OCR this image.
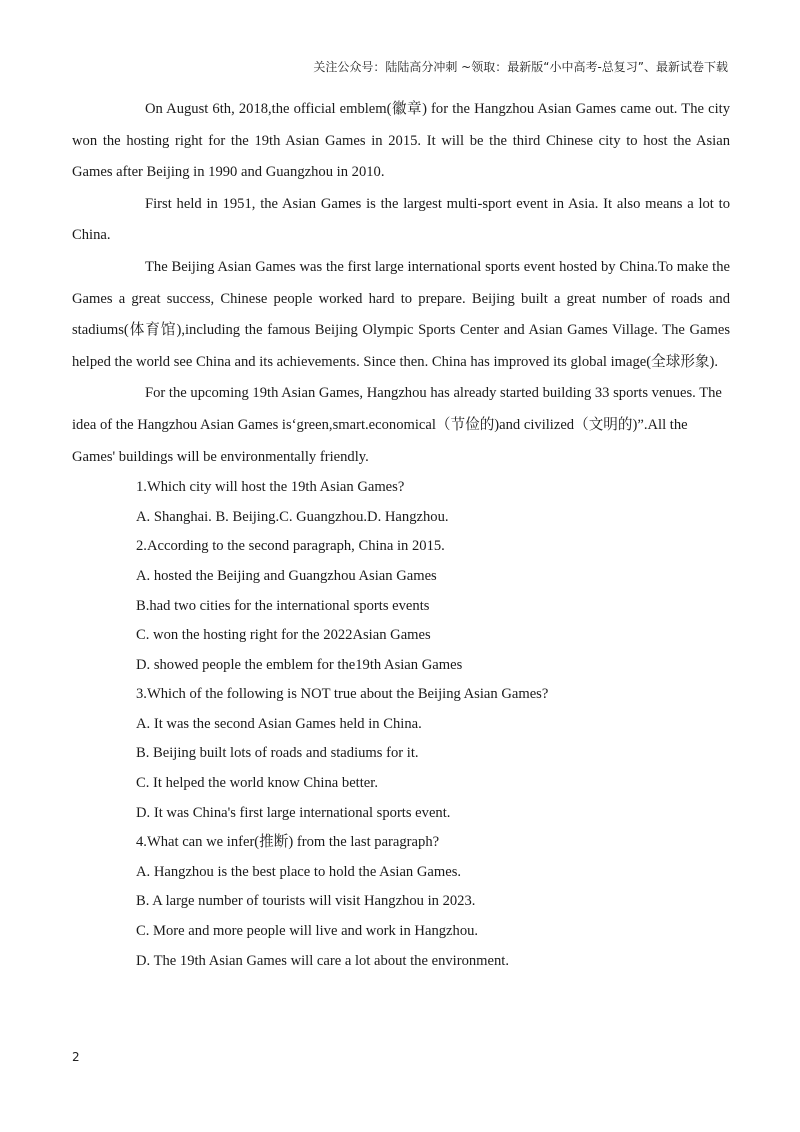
关注公众号：陆陆高分冲刺 ~领取：最新版“小中高考-总复习”、最新试卷下载

On August 6th, 2018,the official emblem(徽章) for the Hangzhou Asian Games came out. The city won the hosting right for the 19th Asian Games in 2015. It will be the third Chinese city to host the Asian Games after Beijing in 1990 and Guangzhou in 2010.

First held in 1951, the Asian Games is the largest multi-sport event in Asia. It also means a lot to China.

The Beijing Asian Games was the first large international sports event hosted by China.To make the Games a great success, Chinese people worked hard to prepare. Beijing built a great number of roads and stadiums(体育馆),including the famous Beijing Olympic Sports Center and Asian Games Village. The Games helped the world see China and its achievements. Since then. China has improved its global image(全球形象).

For the upcoming 19th Asian Games, Hangzhou has already started building 33 sports venues. The idea of the Hangzhou Asian Games is‘green,smart.economical（节俭的)and civilized（文明的)”.All the Games' buildings will be environmentally friendly.

1.Which city will host the 19th Asian Games?

A. Shanghai. B. Beijing.C. Guangzhou.D. Hangzhou.

2.According to the second paragraph, China in 2015.

A. hosted the Beijing and Guangzhou Asian Games

B.had two cities for the international sports events

C. won the hosting right for the 2022Asian Games

D. showed people the emblem for the19th Asian Games

3.Which of the following is NOT true about the Beijing Asian Games?

A. It was the second Asian Games held in China.

B. Beijing built lots of roads and stadiums for it.

C. It helped the world know China better.

D. It was China's first large international sports event.

4.What can we infer(推断) from the last paragraph?

A. Hangzhou is the best place to hold the Asian Games.

B. A large number of tourists will visit Hangzhou in 2023.

C. More and more people will live and work in Hangzhou.

D. The 19th Asian Games will care a lot about the environment.

2
